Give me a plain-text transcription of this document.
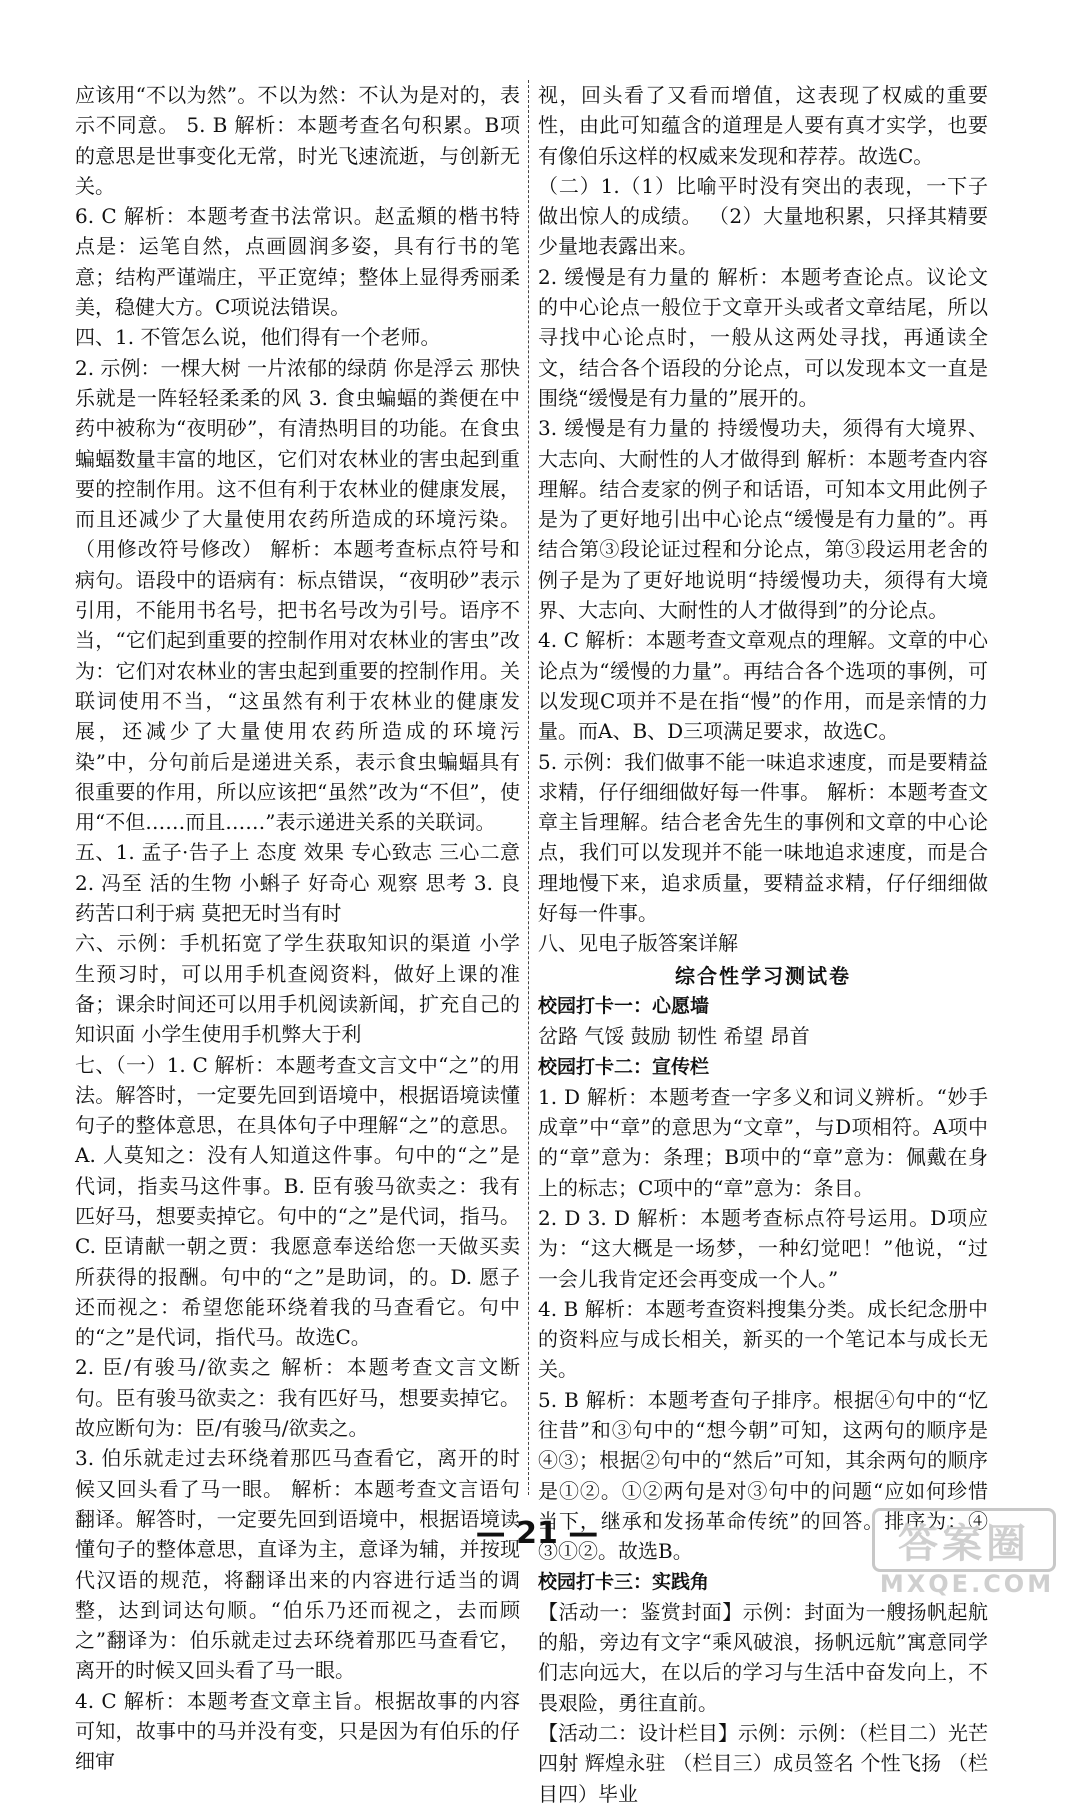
应该用“不以为然”。不以为然：不认为是对的，表示不同意。 5. B 解析：本题考查名句积累。B项的意思是世事变化无常，时光飞速流逝，与创新无关。

6. C 解析：本题考查书法常识。赵孟頫的楷书特点是：运笔自然，点画圆润多姿，具有行书的笔意；结构严谨端庄，平正宽绰；整体上显得秀丽柔美，稳健大方。C项说法错误。

四、1. 不管怎么说，他们得有一个老师。

2. 示例：一棵大树 一片浓郁的绿荫 你是浮云 那快乐就是一阵轻轻柔柔的风 3. 食虫蝙蝠的粪便在中药中被称为“夜明砂”，有清热明目的功能。在食虫蝙蝠数量丰富的地区，它们对农林业的害虫起到重要的控制作用。这不但有利于农林业的健康发展，而且还减少了大量使用农药所造成的环境污染。（用修改符号修改） 解析：本题考查标点符号和病句。语段中的语病有：标点错误，“夜明砂”表示引用，不能用书名号，把书名号改为引号。语序不当，“它们起到重要的控制作用对农林业的害虫”改为：它们对农林业的害虫起到重要的控制作用。关联词使用不当，“这虽然有利于农林业的健康发展，还减少了大量使用农药所造成的环境污染”中，分句前后是递进关系，表示食虫蝙蝠具有很重要的作用，所以应该把“虽然”改为“不但”，使用“不但……而且……”表示递进关系的关联词。

五、1. 孟子·告子上 态度 效果 专心致志 三心二意 2. 冯至 活的生物 小蝌子 好奇心 观察 思考 3. 良药苦口利于病 莫把无时当有时

六、示例：手机拓宽了学生获取知识的渠道 小学生预习时，可以用手机查阅资料，做好上课的准备；课余时间还可以用手机阅读新闻，扩充自己的知识面 小学生使用手机弊大于利

七、（一）1. C 解析：本题考查文言文中“之”的用法。解答时，一定要先回到语境中，根据语境读懂句子的整体意思，在具体句子中理解“之”的意思。A. 人莫知之：没有人知道这件事。句中的“之”是代词，指卖马这件事。B. 臣有骏马欲卖之：我有匹好马，想要卖掉它。句中的“之”是代词，指马。C. 臣请献一朝之贾：我愿意奉送给您一天做买卖所获得的报酬。句中的“之”是助词，的。D. 愿子还而视之：希望您能环绕着我的马查看它。句中的“之”是代词，指代马。故选C。

2. 臣/有骏马/欲卖之 解析：本题考查文言文断句。臣有骏马欲卖之：我有匹好马，想要卖掉它。故应断句为：臣/有骏马/欲卖之。

3. 伯乐就走过去环绕着那匹马查看它，离开的时候又回头看了马一眼。 解析：本题考查文言语句翻译。解答时，一定要先回到语境中，根据语境读懂句子的整体意思，直译为主，意译为辅，并按现代汉语的规范，将翻译出来的内容进行适当的调整，达到词达句顺。“伯乐乃还而视之，去而顾之”翻译为：伯乐就走过去环绕着那匹马查看它，离开的时候又回头看了马一眼。

4. C 解析：本题考查文章主旨。根据故事的内容可知，故事中的马并没有变，只是因为有伯乐的仔细审

视，回头看了又看而增值，这表现了权威的重要性，由此可知蕴含的道理是人要有真才实学，也要有像伯乐这样的权威来发现和荐荐。故选C。

（二）1.（1）比喻平时没有突出的表现，一下子做出惊人的成绩。 （2）大量地积累，只择其精要少量地表露出来。

2. 缓慢是有力量的 解析：本题考查论点。议论文的中心论点一般位于文章开头或者文章结尾，所以寻找中心论点时，一般从这两处寻找，再通读全文，结合各个语段的分论点，可以发现本文一直是围绕“缓慢是有力量的”展开的。

3. 缓慢是有力量的 持缓慢功夫，须得有大境界、大志向、大耐性的人才做得到 解析：本题考查内容理解。结合麦家的例子和话语，可知本文用此例子是为了更好地引出中心论点“缓慢是有力量的”。再结合第③段论证过程和分论点，第③段运用老舍的例子是为了更好地说明“持缓慢功夫，须得有大境界、大志向、大耐性的人才做得到”的分论点。

4. C 解析：本题考查文章观点的理解。文章的中心论点为“缓慢的力量”。再结合各个选项的事例，可以发现C项并不是在指“慢”的作用，而是亲情的力量。而A、B、D三项满足要求，故选C。

5. 示例：我们做事不能一味追求速度，而是要精益求精，仔仔细细做好每一件事。 解析：本题考查文章主旨理解。结合老舍先生的事例和文章的中心论点，我们可以发现并不能一味地追求速度，而是合理地慢下来，追求质量，要精益求精，仔仔细细做好每一件事。

八、见电子版答案详解

综合性学习测试卷

校园打卡一：心愿墙

岔路 气馁 鼓励 韧性 希望 昂首

校园打卡二：宣传栏

1. D 解析：本题考查一字多义和词义辨析。“妙手成章”中“章”的意思为“文章”，与D项相符。A项中的“章”意为：条理；B项中的“章”意为：佩戴在身上的标志；C项中的“章”意为：条目。

2. D 3. D 解析：本题考查标点符号运用。D项应为：“这大概是一场梦，一种幻觉吧！”他说，“过一会儿我肯定还会再变成一个人。”

4. B 解析：本题考查资料搜集分类。成长纪念册中的资料应与成长相关，新买的一个笔记本与成长无关。

5. B 解析：本题考查句子排序。根据④句中的“忆往昔”和③句中的“想今朝”可知，这两句的顺序是④③；根据②句中的“然后”可知，其余两句的顺序是①②。①②两句是对③句中的问题“应如何珍惜当下，继承和发扬革命传统”的回答。排序为：④③①②。故选B。

校园打卡三：实践角

【活动一：鉴赏封面】示例：封面为一艘扬帆起航的船，旁边有文字“乘风破浪，扬帆远航”寓意同学们志向远大，在以后的学习与生活中奋发向上，不畏艰险，勇往直前。

【活动二：设计栏目】示例：示例：（栏目二）光芒四射 辉煌永驻 （栏目三）成员签名 个性飞扬 （栏目四）毕业

— 21 —	答案圈
MXQE.COM
